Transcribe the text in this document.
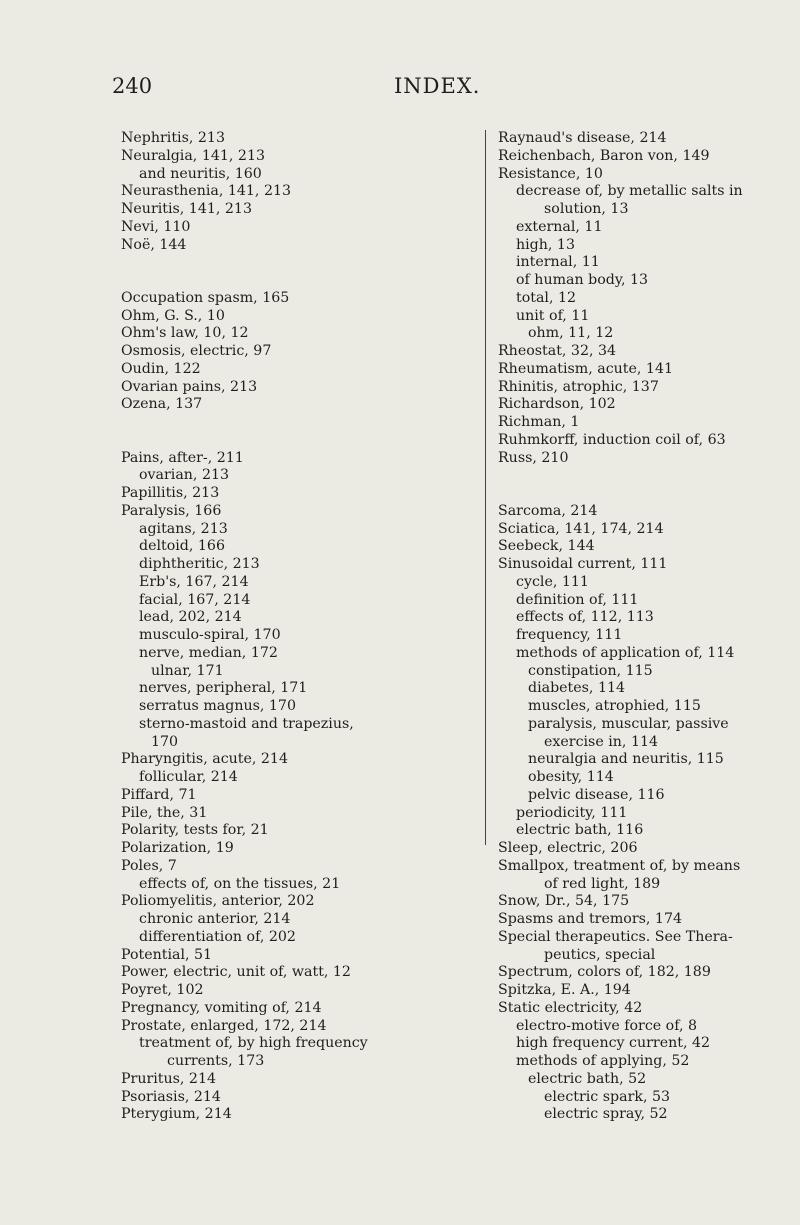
240	INDEX.
Nephritis, 213
Neuralgia, 141, 213
and neuritis, 160
Neurasthenia, 141, 213
Neuritis, 141, 213
Nevi, 110
Noë, 144
Occupation spasm, 165
Ohm, G. S., 10
Ohm's law, 10, 12
Osmosis, electric, 97
Oudin, 122
Ovarian pains, 213
Ozena, 137
Pains, after-, 211
ovarian, 213
Papillitis, 213
Paralysis, 166
agitans, 213
deltoid, 166
diphtheritic, 213
Erb's, 167, 214
facial, 167, 214
lead, 202, 214
musculo-spiral, 170
nerve, median, 172
ulnar, 171
nerves, peripheral, 171
serratus magnus, 170
sterno-mastoid and trapezius,
170
Pharyngitis, acute, 214
follicular, 214
Piffard, 71
Pile, the, 31
Polarity, tests for, 21
Polarization, 19
Poles, 7
effects of, on the tissues, 21
Poliomyelitis, anterior, 202
chronic anterior, 214
differentiation of, 202
Potential, 51
Power, electric, unit of, watt, 12
Poyret, 102
Pregnancy, vomiting of, 214
Prostate, enlarged, 172, 214
treatment of, by high frequency
currents, 173
Pruritus, 214
Psoriasis, 214
Pterygium, 214
Raynaud's disease, 214
Reichenbach, Baron von, 149
Resistance, 10
decrease of, by metallic salts in
solution, 13
external, 11
high, 13
internal, 11
of human body, 13
total, 12
unit of, 11
ohm, 11, 12
Rheostat, 32, 34
Rheumatism, acute, 141
Rhinitis, atrophic, 137
Richardson, 102
Richman, 1
Ruhmkorff, induction coil of, 63
Russ, 210
Sarcoma, 214
Sciatica, 141, 174, 214
Seebeck, 144
Sinusoidal current, 111
cycle, 111
definition of, 111
effects of, 112, 113
frequency, 111
methods of application of, 114
constipation, 115
diabetes, 114
muscles, atrophied, 115
paralysis, muscular, passive
exercise in, 114
neuralgia and neuritis, 115
obesity, 114
pelvic disease, 116
periodicity, 111
electric bath, 116
Sleep, electric, 206
Smallpox, treatment of, by means
of red light, 189
Snow, Dr., 54, 175
Spasms and tremors, 174
Special therapeutics. See Thera-
peutics, special
Spectrum, colors of, 182, 189
Spitzka, E. A., 194
Static electricity, 42
electro-motive force of, 8
high frequency current, 42
methods of applying, 52
electric bath, 52
electric spark, 53
electric spray, 52
